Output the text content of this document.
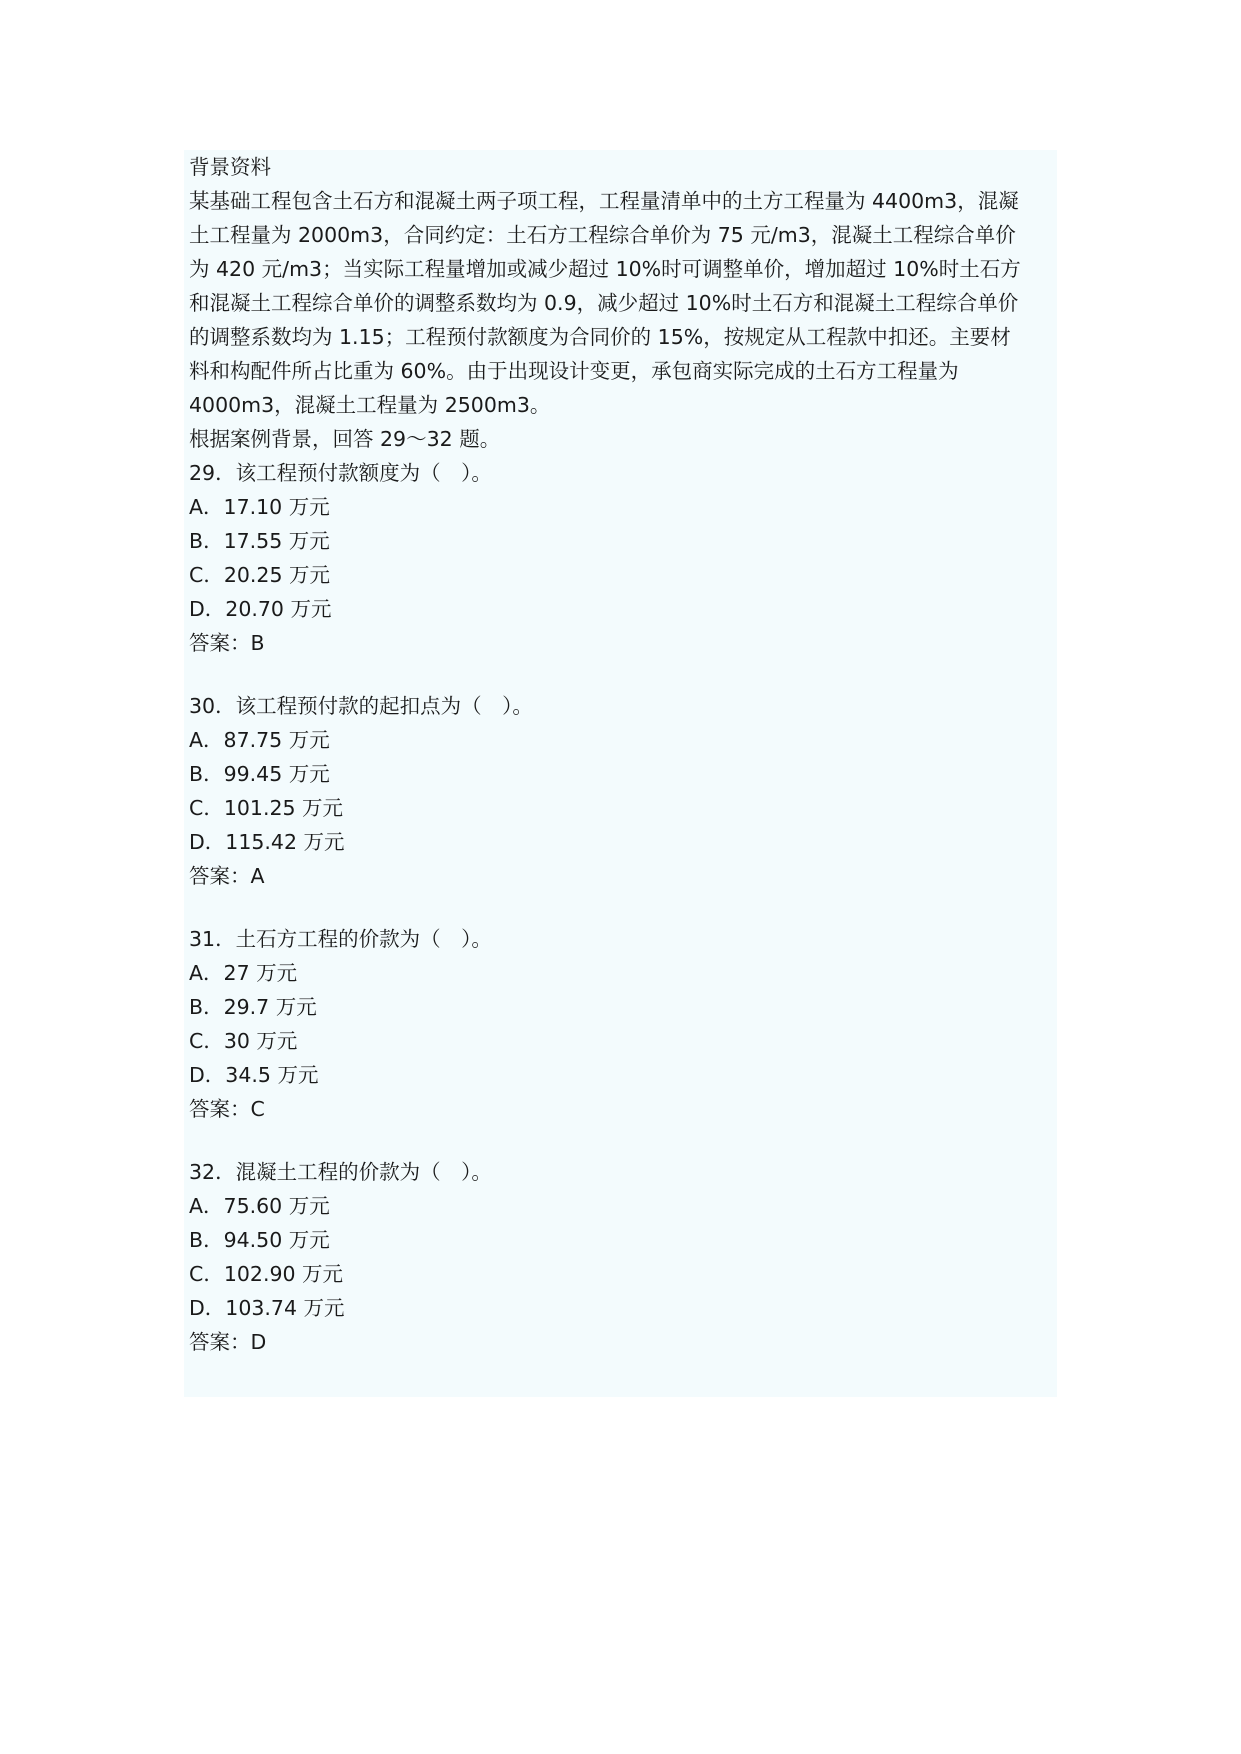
背景资料
某基础工程包含土石方和混凝土两子项工程，工程量清单中的土方工程量为 4400m3，混凝
土工程量为 2000m3，合同约定：土石方工程综合单价为 75 元/m3，混凝土工程综合单价
为 420 元/m3；当实际工程量增加或减少超过 10%时可调整单价，增加超过 10%时土石方
和混凝土工程综合单价的调整系数均为 0.9，减少超过 10%时土石方和混凝土工程综合单价
的调整系数均为 1.15；工程预付款额度为合同价的 15%，按规定从工程款中扣还。主要材
料和构配件所占比重为 60%。由于出现设计变更，承包商实际完成的土石方工程量为
4000m3，混凝土工程量为 2500m3。
根据案例背景，回答 29～32 题。
29．该工程预付款额度为（　）。
A．17.10 万元
B．17.55 万元
C．20.25 万元
D．20.70 万元
答案：B
30．该工程预付款的起扣点为（　）。
A．87.75 万元
B．99.45 万元
C．101.25 万元
D．115.42 万元
答案：A
31．土石方工程的价款为（　）。
A．27 万元
B．29.7 万元
C．30 万元
D．34.5 万元
答案：C
32．混凝土工程的价款为（　）。
A．75.60 万元
B．94.50 万元
C．102.90 万元
D．103.74 万元
答案：D
